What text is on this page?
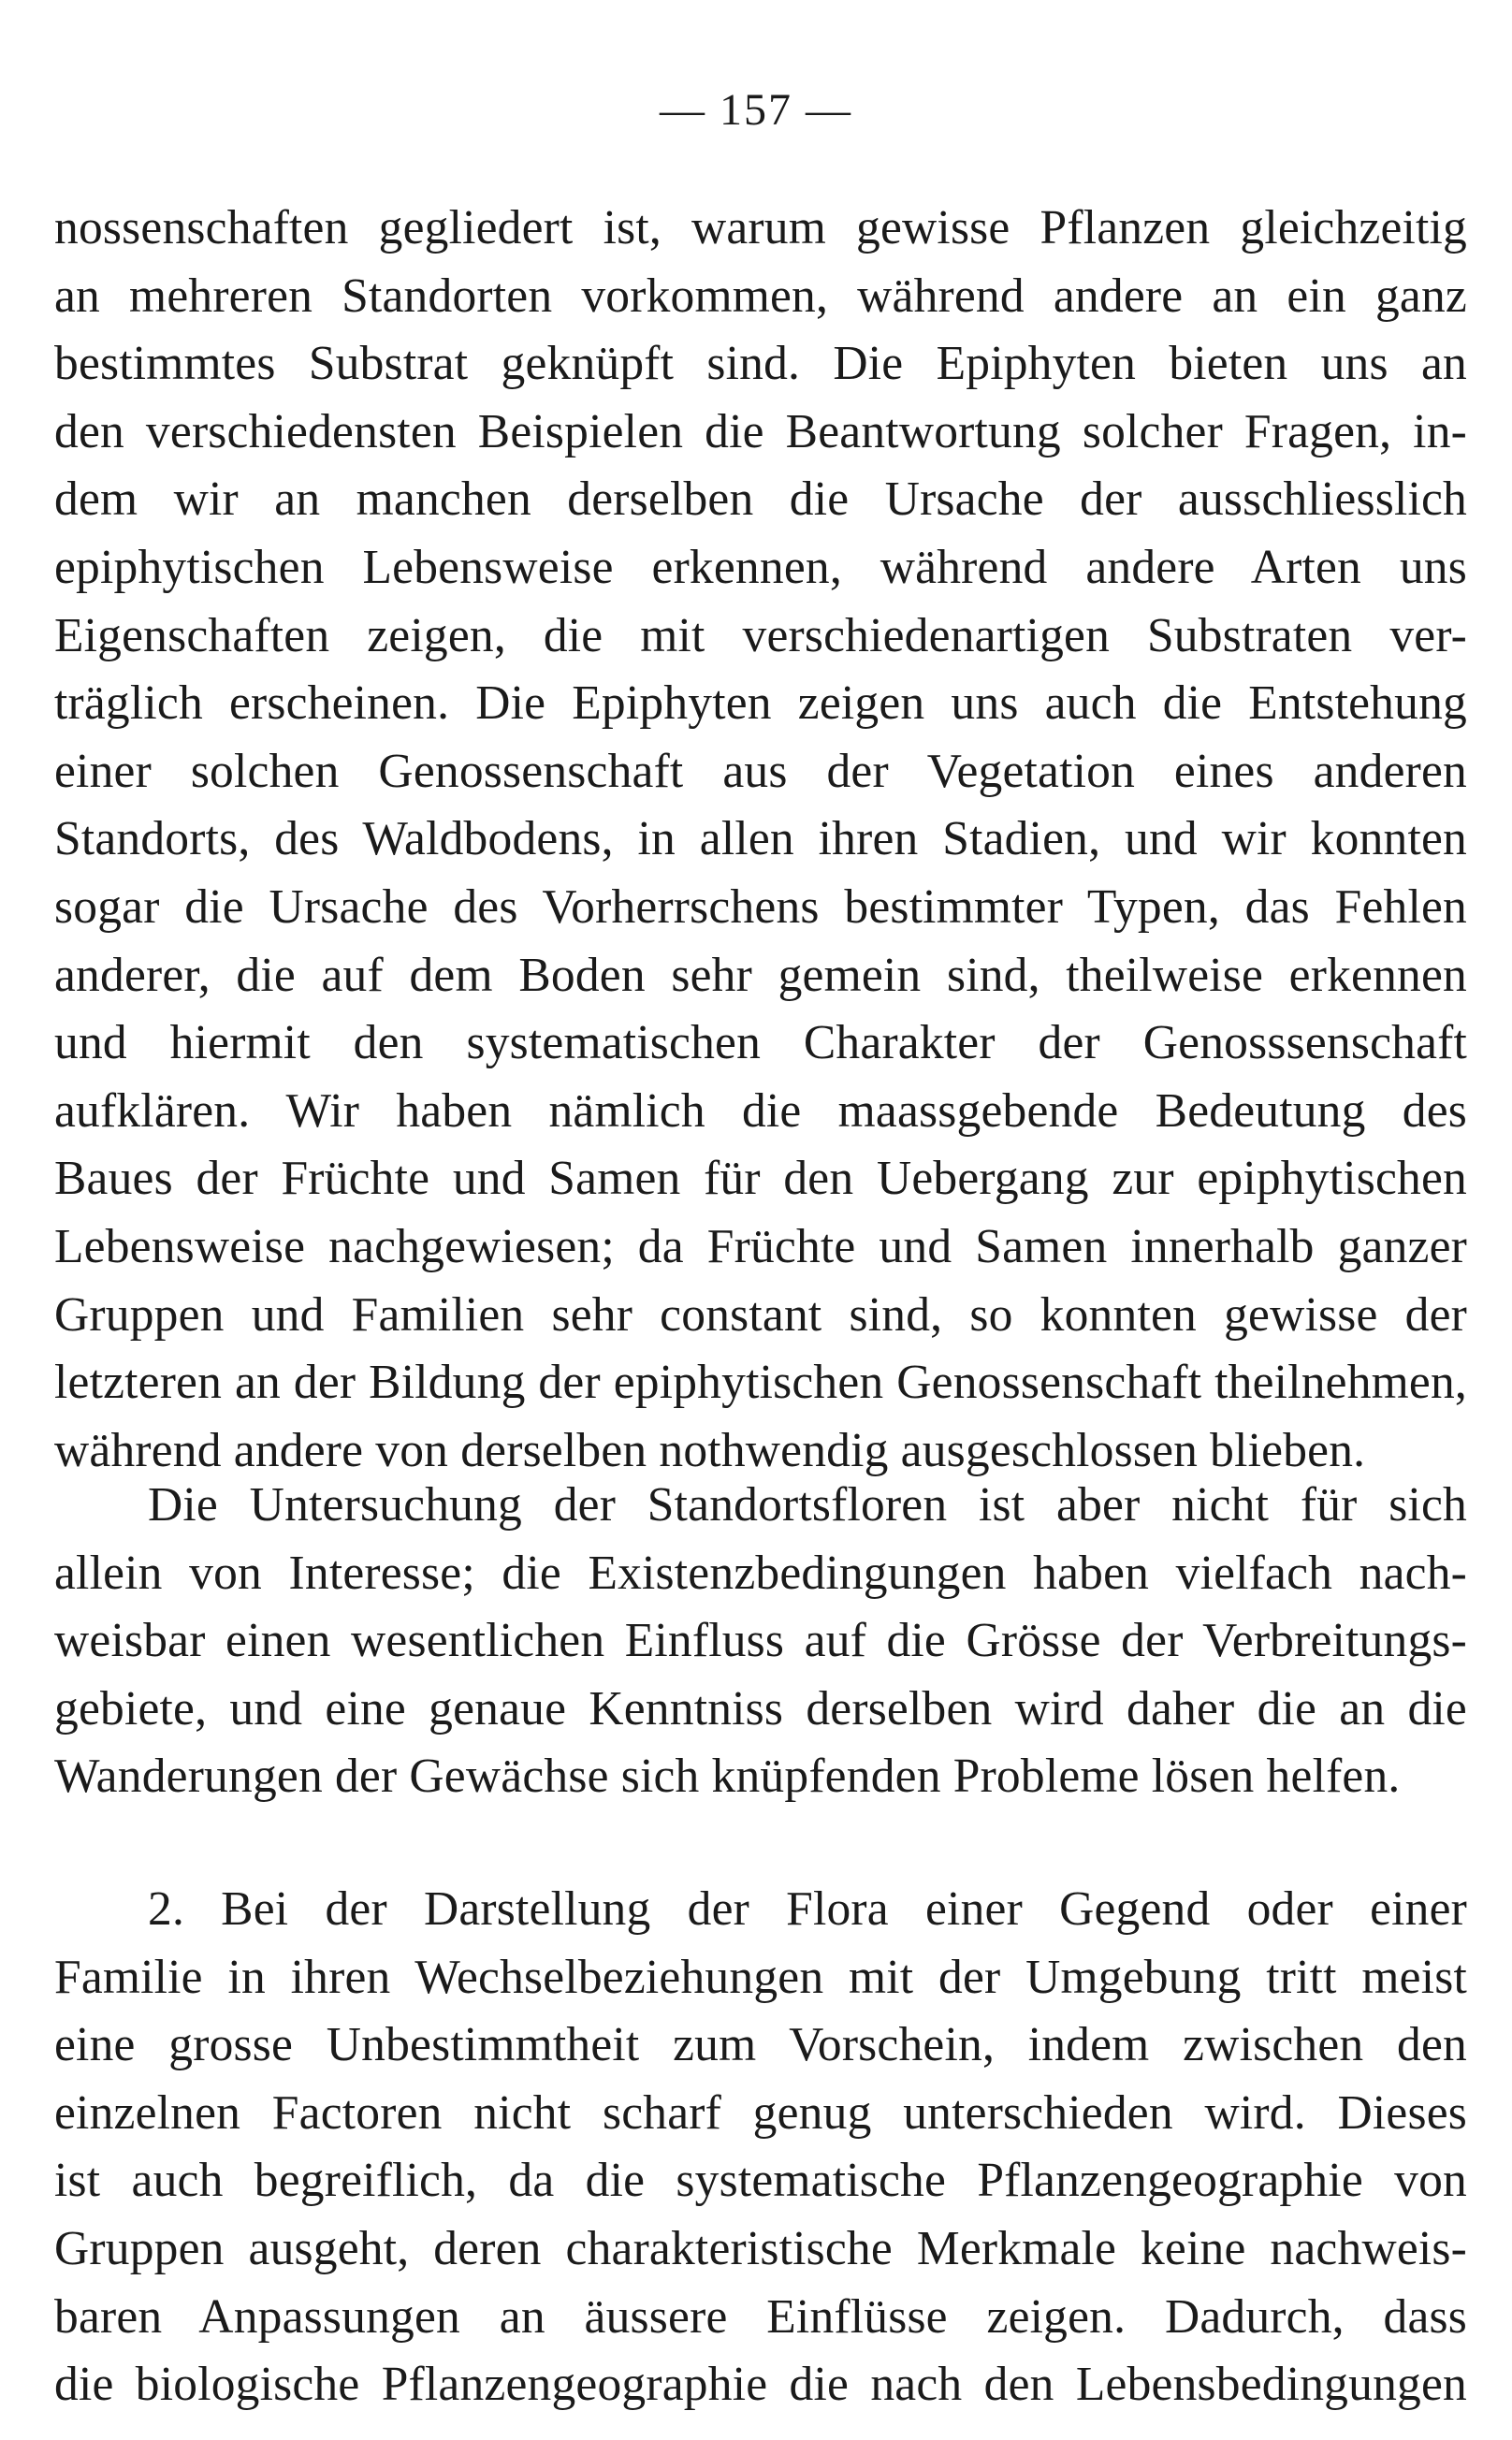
— 157 —
nossenschaften gegliedert ist, warum gewisse Pflanzen gleichzeitig
an mehreren Standorten vorkommen, während andere an ein ganz
bestimmtes Substrat geknüpft sind. Die Epiphyten bieten uns an
den verschiedensten Beispielen die Beantwortung solcher Fragen, in-
dem wir an manchen derselben die Ursache der ausschliesslich
epiphytischen Lebensweise erkennen, während andere Arten uns
Eigenschaften zeigen, die mit verschiedenartigen Substraten ver-
träglich erscheinen. Die Epiphyten zeigen uns auch die Entstehung
einer solchen Genossenschaft aus der Vegetation eines anderen
Standorts, des Waldbodens, in allen ihren Stadien, und wir konnten
sogar die Ursache des Vorherrschens bestimmter Typen, das Fehlen
anderer, die auf dem Boden sehr gemein sind, theilweise erkennen
und hiermit den systematischen Charakter der Genosssenschaft
aufklären. Wir haben nämlich die maassgebende Bedeutung des
Baues der Früchte und Samen für den Uebergang zur epiphytischen
Lebensweise nachgewiesen; da Früchte und Samen innerhalb ganzer
Gruppen und Familien sehr constant sind, so konnten gewisse der
letzteren an der Bildung der epiphytischen Genossenschaft theilnehmen,
während andere von derselben nothwendig ausgeschlossen blieben.
Die Untersuchung der Standortsfloren ist aber nicht für sich
allein von Interesse; die Existenzbedingungen haben vielfach nach-
weisbar einen wesentlichen Einfluss auf die Grösse der Verbreitungs-
gebiete, und eine genaue Kenntniss derselben wird daher die an die
Wanderungen der Gewächse sich knüpfenden Probleme lösen helfen.
2. Bei der Darstellung der Flora einer Gegend oder einer
Familie in ihren Wechselbeziehungen mit der Umgebung tritt meist
eine grosse Unbestimmtheit zum Vorschein, indem zwischen den
einzelnen Factoren nicht scharf genug unterschieden wird. Dieses
ist auch begreiflich, da die systematische Pflanzengeographie von
Gruppen ausgeht, deren charakteristische Merkmale keine nachweis-
baren Anpassungen an äussere Einflüsse zeigen. Dadurch, dass
die biologische Pflanzengeographie die nach den Lebensbedingungen
